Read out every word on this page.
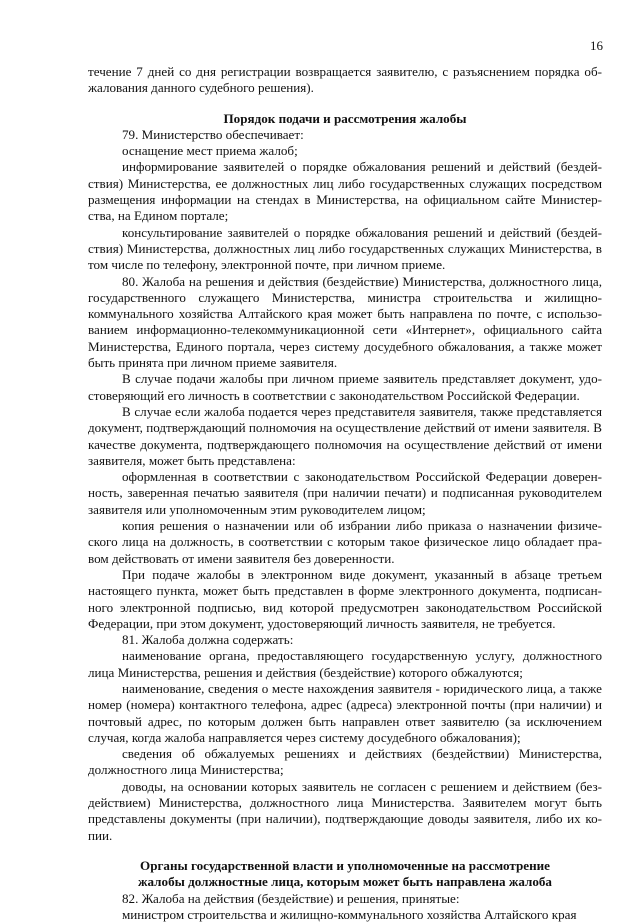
16

течение 7 дней со дня регистрации возвращается заявителю, с разъяснением порядка обжалования данного судебного решения).

Порядок подачи и рассмотрения жалобы

79. Министерство обеспечивает:

оснащение мест приема жалоб;

информирование заявителей о порядке обжалования решений и действий (бездействия) Министерства, ее должностных лиц либо государственных служащих посредством размещения информации на стендах в Министерства, на официальном сайте Министерства, на Едином портале;

консультирование заявителей о порядке обжалования решений и действий (бездействия) Министерства, должностных лиц либо государственных служащих Министерства, в том числе по телефону, электронной почте, при личном приеме.

80. Жалоба на решения и действия (бездействие) Министерства, должностного лица, государственного служащего Министерства, министра строительства и жилищно-коммунального хозяйства Алтайского края может быть направлена по почте, с использованием информационно-телекоммуникационной сети «Интернет», официального сайта Министерства, Единого портала, через систему досудебного обжалования, а также может быть принята при личном приеме заявителя.

В случае подачи жалобы при личном приеме заявитель представляет документ, удостоверяющий его личность в соответствии с законодательством Российской Федерации.

В случае если жалоба подается через представителя заявителя, также представляется документ, подтверждающий полномочия на осуществление действий от имени заявителя. В качестве документа, подтверждающего полномочия на осуществление действий от имени заявителя, может быть представлена:

оформленная в соответствии с законодательством Российской Федерации доверенность, заверенная печатью заявителя (при наличии печати) и подписанная руководителем заявителя или уполномоченным этим руководителем лицом;

копия решения о назначении или об избрании либо приказа о назначении физического лица на должность, в соответствии с которым такое физическое лицо обладает правом действовать от имени заявителя без доверенности.

При подаче жалобы в электронном виде документ, указанный в абзаце третьем настоящего пункта, может быть представлен в форме электронного документа, подписанного электронной подписью, вид которой предусмотрен законодательством Российской Федерации, при этом документ, удостоверяющий личность заявителя, не требуется.

81. Жалоба должна содержать:

наименование органа, предоставляющего государственную услугу, должностного лица Министерства, решения и действия (бездействие) которого обжалуются;

наименование, сведения о месте нахождения заявителя - юридического лица, а также номер (номера) контактного телефона, адрес (адреса) электронной почты (при наличии) и почтовый адрес, по которым должен быть направлен ответ заявителю (за исключением случая, когда жалоба направляется через систему досудебного обжалования);

сведения об обжалуемых решениях и действиях (бездействии) Министерства, должностного лица Министерства;

доводы, на основании которых заявитель не согласен с решением и действием (бездействием) Министерства, должностного лица Министерства. Заявителем могут быть представлены документы (при наличии), подтверждающие доводы заявителя, либо их копии.

Органы государственной власти и уполномоченные на рассмотрение
жалобы должностные лица, которым может быть направлена жалоба

82. Жалоба на действия (бездействие) и решения, принятые:

министром строительства и жилищно-коммунального хозяйства Алтайского края
